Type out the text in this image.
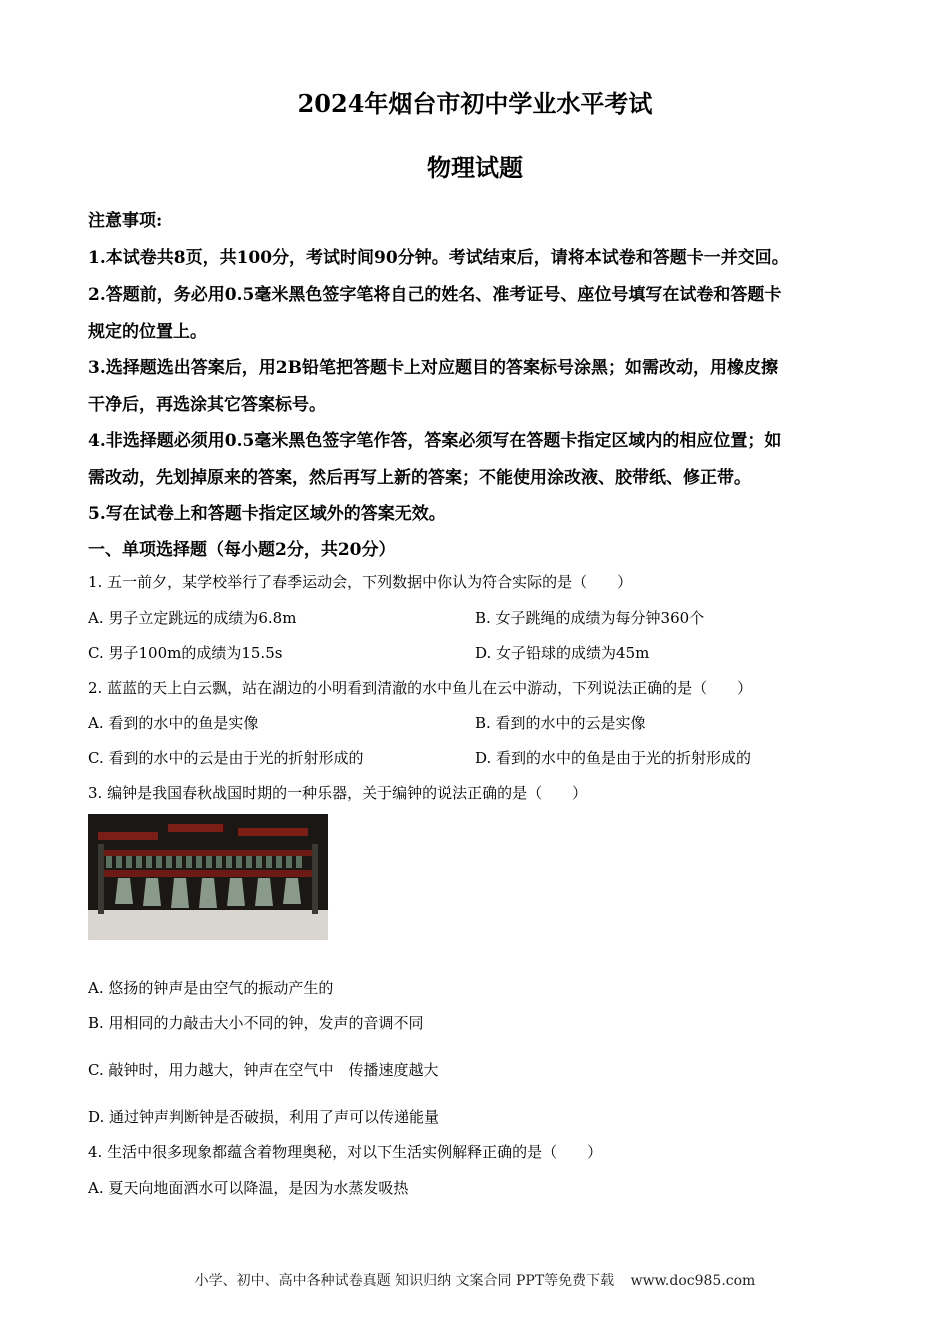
2024年烟台市初中学业水平考试
物理试题
注意事项:
1.本试卷共8页，共100分，考试时间90分钟。考试结束后，请将本试卷和答题卡一并交回。
2.答题前，务必用0.5毫米黑色签字笔将自己的姓名、准考证号、座位号填写在试卷和答题卡
规定的位置上。
3.选择题选出答案后，用2B铅笔把答题卡上对应题目的答案标号涂黑；如需改动，用橡皮擦
干净后，再选涂其它答案标号。
4.非选择题必须用0.5毫米黑色签字笔作答，答案必须写在答题卡指定区域内的相应位置；如
需改动，先划掉原来的答案，然后再写上新的答案；不能使用涂改液、胶带纸、修正带。
5.写在试卷上和答题卡指定区域外的答案无效。
一、单项选择题（每小题2分，共20分）
1. 五一前夕，某学校举行了春季运动会，下列数据中你认为符合实际的是（　　）
A. 男子立定跳远的成绩为6.8m	B. 女子跳绳的成绩为每分钟360个
C. 男子100m的成绩为15.5s	D. 女子铅球的成绩为45m
2. 蓝蓝的天上白云飘，站在湖边的小明看到清澈的水中鱼儿在云中游动，下列说法正确的是（　　）
A. 看到的水中的鱼是实像	B. 看到的水中的云是实像
C. 看到的水中的云是由于光的折射形成的	D. 看到的水中的鱼是由于光的折射形成的
3. 编钟是我国春秋战国时期的一种乐器，关于编钟的说法正确的是（　　）
A. 悠扬的钟声是由空气的振动产生的
B. 用相同的力敲击大小不同的钟，发声的音调不同
C. 敲钟时，用力越大，钟声在空气中　传播速度越大
D. 通过钟声判断钟是否破损，利用了声可以传递能量
4. 生活中很多现象都蕴含着物理奥秘，对以下生活实例解释正确的是（　　）
A. 夏天向地面洒水可以降温，是因为水蒸发吸热
小学、初中、高中各种试卷真题 知识归纳 文案合同 PPT等免费下载 www.doc985.com
